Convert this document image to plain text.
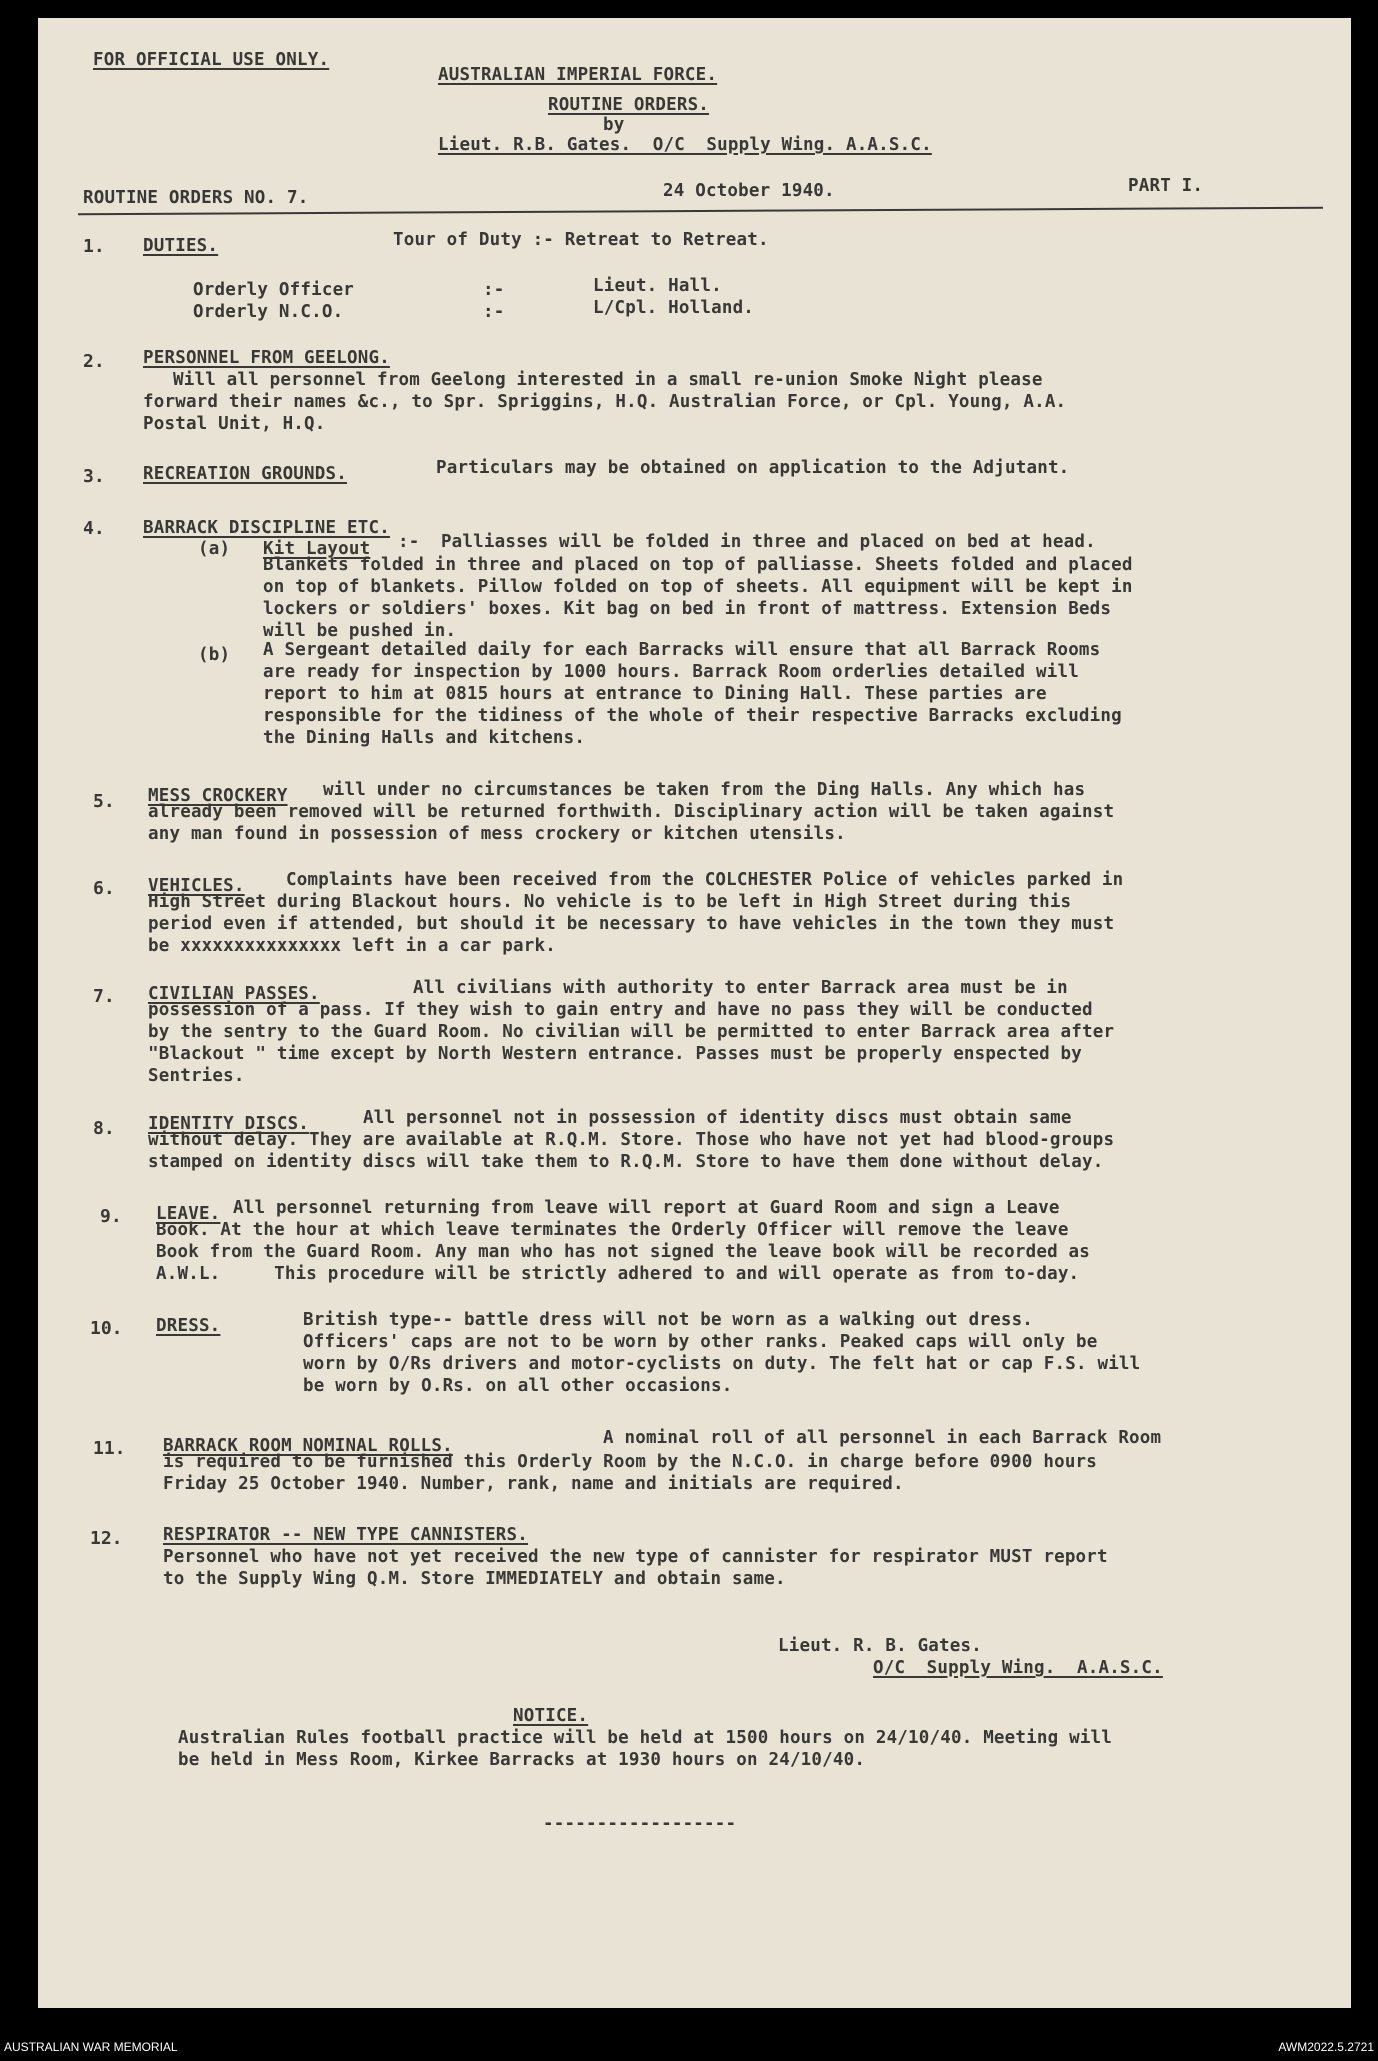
FOR OFFICIAL USE ONLY.
AUSTRALIAN IMPERIAL FORCE.
ROUTINE ORDERS.
by
Lieut. R.B. Gates.  O/C  Supply Wing. A.A.S.C.
ROUTINE ORDERS NO. 7.	24 October 1940.	PART I.
1. DUTIES.	Tour of Duty :- Retreat to Retreat.
Orderly Officer	:-	Lieut. Hall.
Orderly N.C.O.	:-	L/Cpl. Holland.
2. PERSONNEL FROM GEELONG.
Will all personnel from Geelong interested in a small re-union Smoke Night please
forward their names &c., to Spr. Spriggins, H.Q. Australian Force, or Cpl. Young, A.A.
Postal Unit, H.Q.
3. RECREATION GROUNDS.	Particulars may be obtained on application to the Adjutant.
4. BARRACK DISCIPLINE ETC.
(a) Kit Layout :-  Palliasses will be folded in three and placed on bed at head.
Blankets folded in three and placed on top of palliasse. Sheets folded and placed
on top of blankets. Pillow folded on top of sheets. All equipment will be kept in
lockers or soldiers' boxes. Kit bag on bed in front of mattress. Extension Beds
will be pushed in.
(b) A Sergeant detailed daily for each Barracks will ensure that all Barrack Rooms
are ready for inspection by 1000 hours. Barrack Room orderlies detailed will
report to him at 0815 hours at entrance to Dining Hall. These parties are
responsible for the tidiness of the whole of their respective Barracks excluding
the Dining Halls and kitchens.
5. MESS CROCKERY will under no circumstances be taken from the Ding Halls. Any which has
already been removed will be returned forthwith. Disciplinary action will be taken against
any man found in possession of mess crockery or kitchen utensils.
6. VEHICLES. Complaints have been received from the COLCHESTER Police of vehicles parked in
High Street during Blackout hours. No vehicle is to be left in High Street during this
period even if attended, but should it be necessary to have vehicles in the town they must
be xxxxxxxxxxxxxxx left in a car park.
7. CIVILIAN PASSES.	All civilians with authority to enter Barrack area must be in
possession of a pass. If they wish to gain entry and have no pass they will be conducted
by the sentry to the Guard Room. No civilian will be permitted to enter Barrack area after
"Blackout " time except by North Western entrance. Passes must be properly enspected by
Sentries.
8. IDENTITY DISCS.	All personnel not in possession of identity discs must obtain same
without delay. They are available at R.Q.M. Store. Those who have not yet had blood-groups
stamped on identity discs will take them to R.Q.M. Store to have them done without delay.
9. LEAVE. All personnel returning from leave will report at Guard Room and sign a Leave
Book. At the hour at which leave terminates the Orderly Officer will remove the leave
Book from the Guard Room. Any man who has not signed the leave book will be recorded as
A.W.L.     This procedure will be strictly adhered to and will operate as from to-day.
10. DRESS.	British type-- battle dress will not be worn as a walking out dress.
Officers' caps are not to be worn by other ranks. Peaked caps will only be
worn by O/Rs drivers and motor-cyclists on duty. The felt hat or cap F.S. will
be worn by O.Rs. on all other occasions.
11. BARRACK ROOM NOMINAL ROLLS.	A nominal roll of all personnel in each Barrack Room
is required to be furnished this Orderly Room by the N.C.O. in charge before 0900 hours
Friday 25 October 1940. Number, rank, name and initials are required.
12. RESPIRATOR -- NEW TYPE CANNISTERS.
Personnel who have not yet received the new type of cannister for respirator MUST report
to the Supply Wing Q.M. Store IMMEDIATELY and obtain same.
Lieut. R. B. Gates.
O/C  Supply Wing.  A.A.S.C.
NOTICE.
Australian Rules football practice will be held at 1500 hours on 24/10/40. Meeting will
be held in Mess Room, Kirkee Barracks at 1930 hours on 24/10/40.
------------------
AUSTRALIAN WAR MEMORIAL	AWM2022.5.2721
